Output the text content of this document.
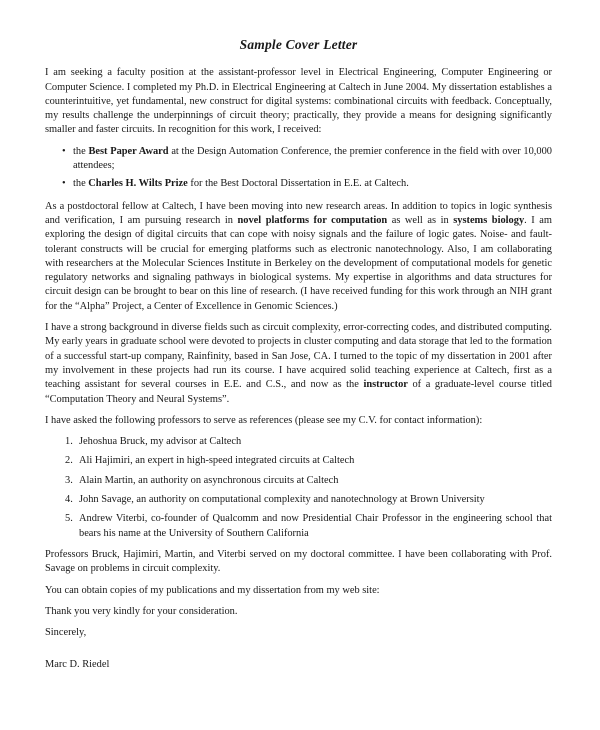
Sample Cover Letter

I am seeking a faculty position at the assistant-professor level in Electrical Engineering, Computer Engineering or Computer Science. I completed my Ph.D. in Electrical Engineering at Caltech in June 2004. My dissertation establishes a counterintuitive, yet fundamental, new construct for digital systems: combinational circuits with feedback. Conceptually, my results challenge the underpinnings of circuit theory; practically, they provide a means for designing significantly smaller and faster circuits. In recognition for this work, I received:

• the Best Paper Award at the Design Automation Conference, the premier conference in the field with over 10,000 attendees;
• the Charles H. Wilts Prize for the Best Doctoral Dissertation in E.E. at Caltech.

As a postdoctoral fellow at Caltech, I have been moving into new research areas. In addition to topics in logic synthesis and verification, I am pursuing research in novel platforms for computation as well as in systems biology. I am exploring the design of digital circuits that can cope with noisy signals and the failure of logic gates. Noise- and fault-tolerant constructs will be crucial for emerging platforms such as electronic nanotechnology. Also, I am collaborating with researchers at the Molecular Sciences Institute in Berkeley on the development of computational models for genetic regulatory networks and signaling pathways in biological systems. My expertise in algorithms and data structures for circuit design can be brought to bear on this line of research. (I have received funding for this work through an NIH grant for the “Alpha” Project, a Center of Excellence in Genomic Sciences.)

I have a strong background in diverse fields such as circuit complexity, error-correcting codes, and distributed computing. My early years in graduate school were devoted to projects in cluster computing and data storage that led to the formation of a successful start-up company, Rainfinity, based in San Jose, CA. I turned to the topic of my dissertation in 2001 after my involvement in these projects had run its course. I have acquired solid teaching experience at Caltech, first as a teaching assistant for several courses in E.E. and C.S., and now as the instructor of a graduate-level course titled “Computation Theory and Neural Systems”.

I have asked the following professors to serve as references (please see my C.V. for contact information):

1. Jehoshua Bruck, my advisor at Caltech
2. Ali Hajimiri, an expert in high-speed integrated circuits at Caltech
3. Alain Martin, an authority on asynchronous circuits at Caltech
4. John Savage, an authority on computational complexity and nanotechnology at Brown University
5. Andrew Viterbi, co-founder of Qualcomm and now Presidential Chair Professor in the engineering school that bears his name at the University of Southern California

Professors Bruck, Hajimiri, Martin, and Viterbi served on my doctoral committee. I have been collaborating with Prof. Savage on problems in circuit complexity.

You can obtain copies of my publications and my dissertation from my web site:

Thank you very kindly for your consideration.

Sincerely,

Marc D. Riedel
